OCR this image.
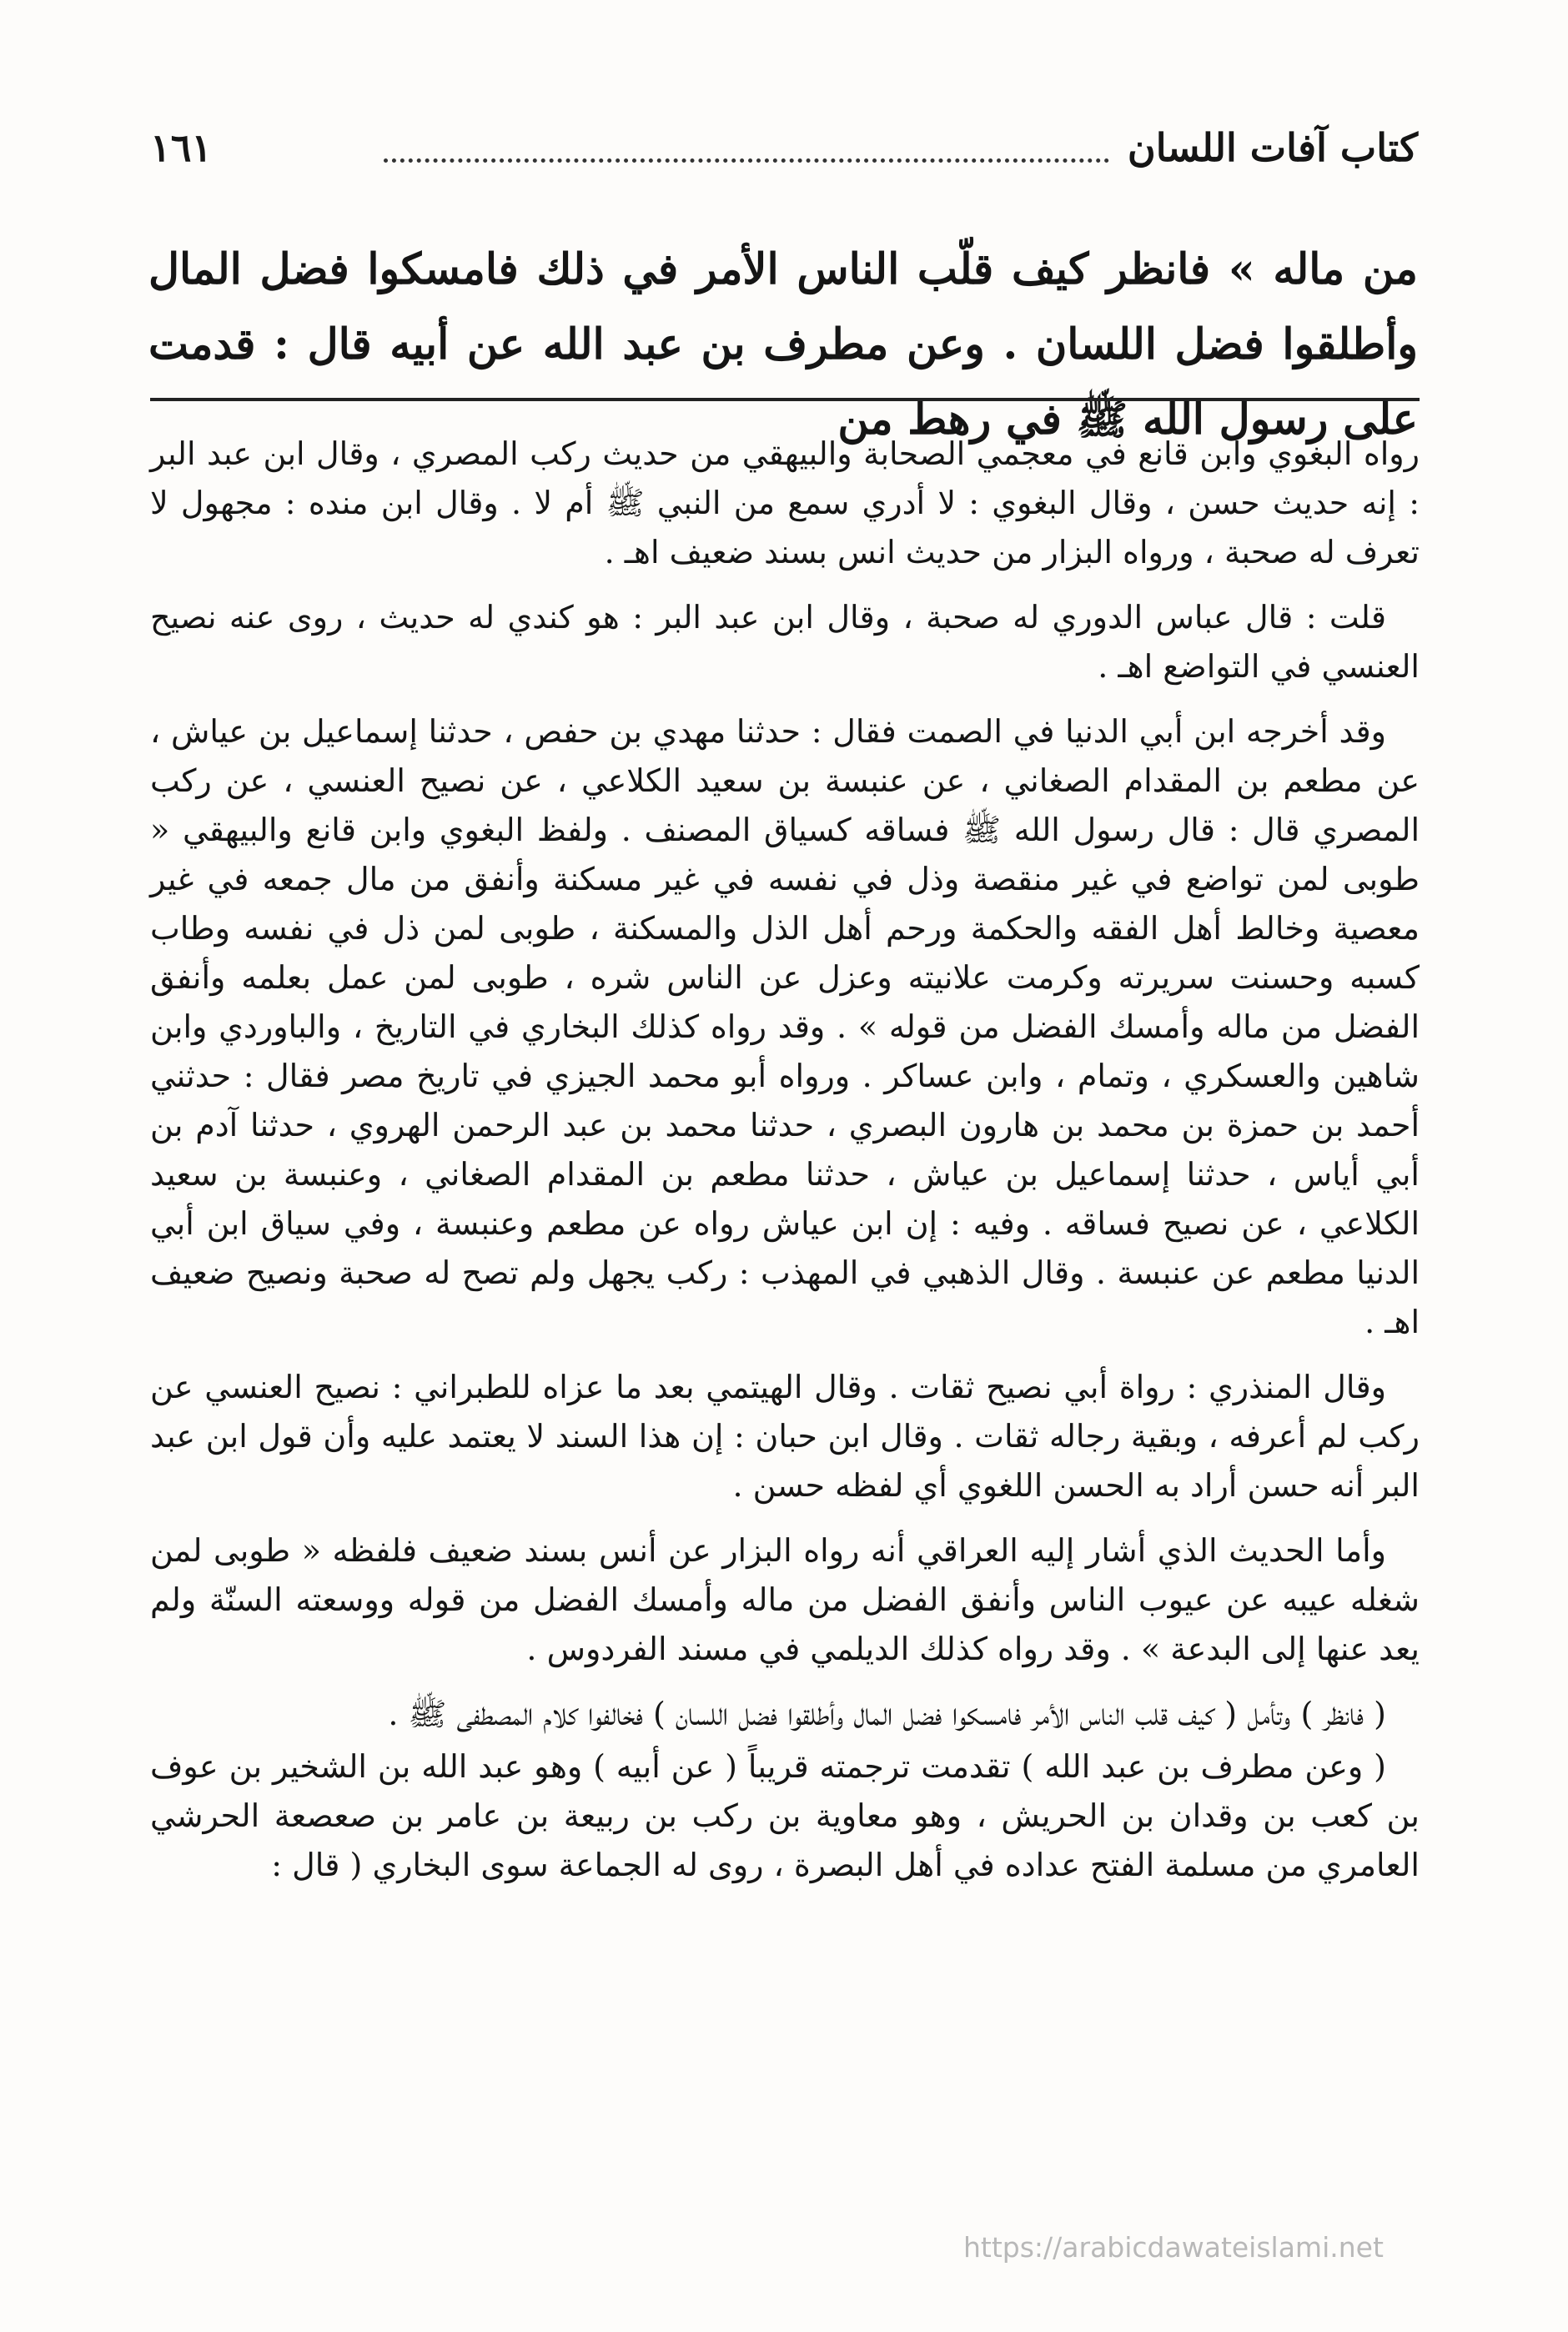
كتاب آفات اللسان
١٦١
من ماله » فانظر كيف قلّب الناس الأمر في ذلك فامسكوا فضل المال وأطلقوا فضل اللسان . وعن مطرف بن عبد الله عن أبيه قال : قدمت على رسول الله ﷺ في رهط من

رواه البغوي وابن قانع في معجمي الصحابة والبيهقي من حديث ركب المصري ، وقال ابن عبد البر : إنه حديث حسن ، وقال البغوي : لا أدري سمع من النبي ﷺ أم لا . وقال ابن منده : مجهول لا تعرف له صحبة ، ورواه البزار من حديث انس بسند ضعيف اهـ .

قلت : قال عباس الدوري له صحبة ، وقال ابن عبد البر : هو كندي له حديث ، روى عنه نصيح العنسي في التواضع اهـ .

وقد أخرجه ابن أبي الدنيا في الصمت فقال : حدثنا مهدي بن حفص ، حدثنا إسماعيل بن عياش ، عن مطعم بن المقدام الصغاني ، عن عنبسة بن سعيد الكلاعي ، عن نصيح العنسي ، عن ركب المصري قال : قال رسول الله ﷺ فساقه كسياق المصنف . ولفظ البغوي وابن قانع والبيهقي « طوبى لمن تواضع في غير منقصة وذل في نفسه في غير مسكنة وأنفق من مال جمعه في غير معصية وخالط أهل الفقه والحكمة ورحم أهل الذل والمسكنة ، طوبى لمن ذل في نفسه وطاب كسبه وحسنت سريرته وكرمت علانيته وعزل عن الناس شره ، طوبى لمن عمل بعلمه وأنفق الفضل من ماله وأمسك الفضل من قوله » . وقد رواه كذلك البخاري في التاريخ ، والباوردي وابن شاهين والعسكري ، وتمام ، وابن عساكر . ورواه أبو محمد الجيزي في تاريخ مصر فقال : حدثني أحمد بن حمزة بن محمد بن هارون البصري ، حدثنا محمد بن عبد الرحمن الهروي ، حدثنا آدم بن أبي أياس ، حدثنا إسماعيل بن عياش ، حدثنا مطعم بن المقدام الصغاني ، وعنبسة بن سعيد الكلاعي ، عن نصيح فساقه . وفيه : إن ابن عياش رواه عن مطعم وعنبسة ، وفي سياق ابن أبي الدنيا مطعم عن عنبسة . وقال الذهبي في المهذب : ركب يجهل ولم تصح له صحبة ونصيح ضعيف اهـ .

وقال المنذري : رواة أبي نصيح ثقات . وقال الهيتمي بعد ما عزاه للطبراني : نصيح العنسي عن ركب لم أعرفه ، وبقية رجاله ثقات . وقال ابن حبان : إن هذا السند لا يعتمد عليه وأن قول ابن عبد البر أنه حسن أراد به الحسن اللغوي أي لفظه حسن .

وأما الحديث الذي أشار إليه العراقي أنه رواه البزار عن أنس بسند ضعيف فلفظه « طوبى لمن شغله عيبه عن عيوب الناس وأنفق الفضل من ماله وأمسك الفضل من قوله ووسعته السنّة ولم يعد عنها إلى البدعة » . وقد رواه كذلك الديلمي في مسند الفردوس .

( فانظر ) وتأمل ( كيف قلب الناس الأمر فامسكوا فضل المال وأطلقوا فضل اللسان ) فخالفوا كلام المصطفى ﷺ .

( وعن مطرف بن عبد الله ) تقدمت ترجمته قريباً ( عن أبيه ) وهو عبد الله بن الشخير بن عوف بن كعب بن وقدان بن الحريش ، وهو معاوية بن ركب بن ربيعة بن عامر بن صعصعة الحرشي العامري من مسلمة الفتح عداده في أهل البصرة ، روى له الجماعة سوى البخاري ( قال :

https://arabicdawateislami.net
